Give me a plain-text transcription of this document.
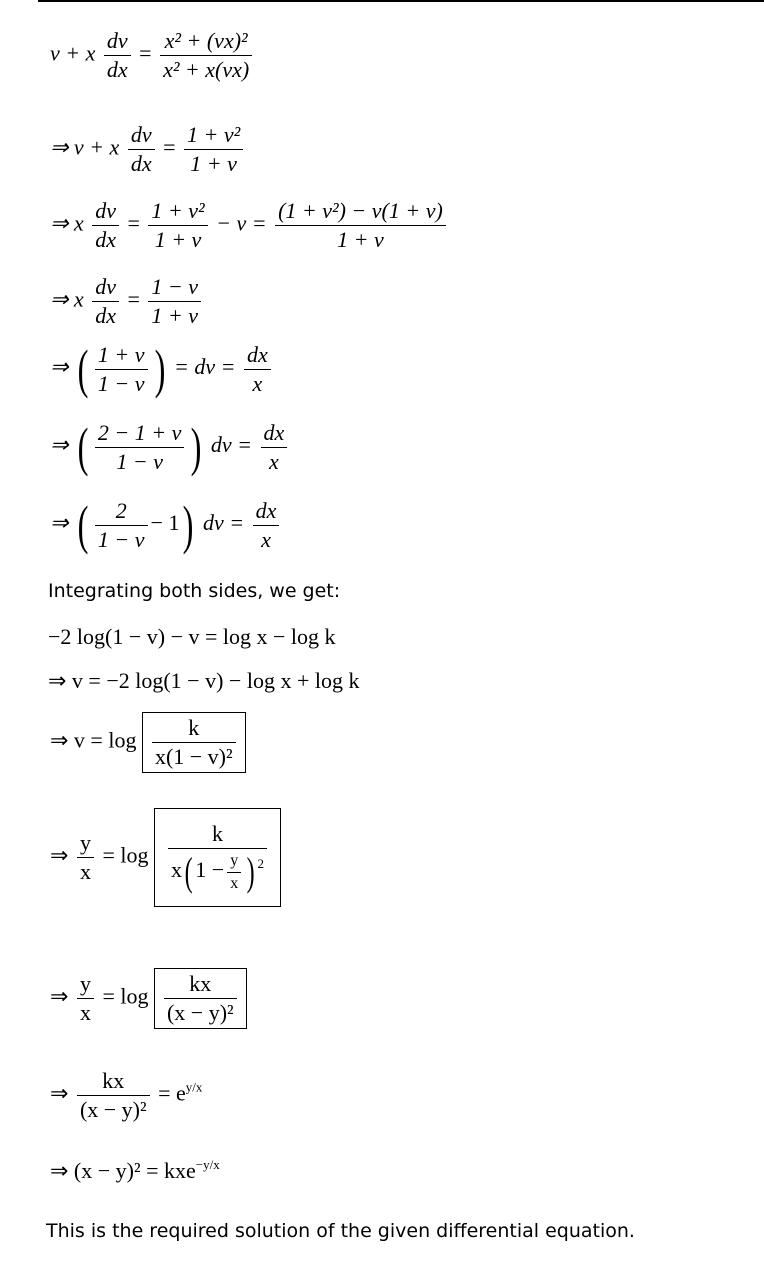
v + x $\frac{dv}{dx} = \frac{\text{x² + (vx)²}}{\text{x² + x(vx)}}$
⇒ v + x $\frac{dv}{dx} = \frac{\text{1 + v²}}{1 + v}$
⇒ x $\frac{dv}{dx} = \frac{\text{1 + v²}}{1 + v} - v = \frac{\text{(1 + v²) − v(1 + v)}}{1 + v}$
⇒ x $\frac{dv}{dx} = \frac{1 - v}{1 + v}$
⇒ ( $\frac{1 + v}{1 - v}$ ) = dv = $\frac{dx}{x}$
⇒ ( $\frac{2 - 1 + v}{1 - v}$ ) dv = $\frac{dx}{x}$
⇒ ( $\frac{2}{1 - v} - 1$) dv = $\frac{dx}{x}$
Integrating both sides, we get:
−2 log(1 − v) − v = log x − log k
⇒ v = −2 log(1 − v) − log x + log k
⇒ $v = \log \frac{k}{\text{x(1 − v)²}}$
⇒ $\frac{y}{x} = \log \frac{k}{x( 1 - \frac{y}{x} ) ^2}$
⇒ $\frac{y}{x} = \log \frac{kx}{\text{(x − y)²}}$
⇒ $\frac{kx}{\text{(x − y)²}} = e^{y/x}$
⇒ (x − y)² = kxe$^{-y/x}$
This is the required solution of the given differential equation.
